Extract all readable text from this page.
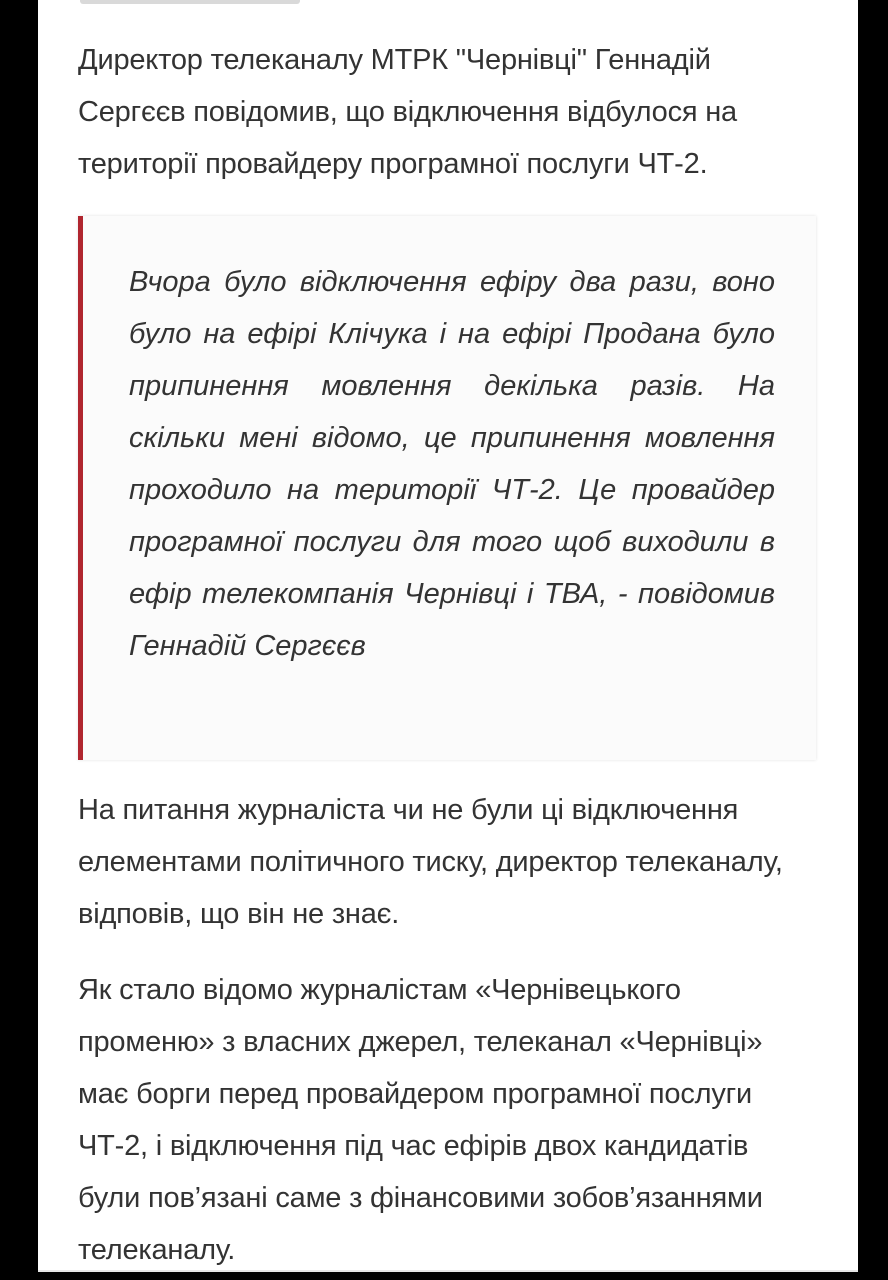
Директор телеканалу МТРК "Чернівці" Геннадій Сергєєв повідомив, що відключення відбулося на території провайдеру програмної послуги ЧТ-2.

Вчора було відключення ефіру два рази, воно було на ефірі Клічука і на ефірі Продана було припинення мовлення декілька разів. На скільки мені відомо, це припинення мовлення проходило на території ЧТ-2. Це провайдер програмної послуги для того щоб виходили в ефір телекомпанія Чернівці і ТВА, - повідомив Геннадій Сергєєв

На питання журналіста чи не були ці відключення елементами політичного тиску, директор телеканалу, відповів, що він не знає.

Як стало відомо журналістам «Чернівецького променю» з власних джерел, телеканал «Чернівці» має борги перед провайдером програмної послуги ЧТ-2, і відключення під час ефірів двох кандидатів були пов’язані саме з фінансовими зобов’язаннями телеканалу.
